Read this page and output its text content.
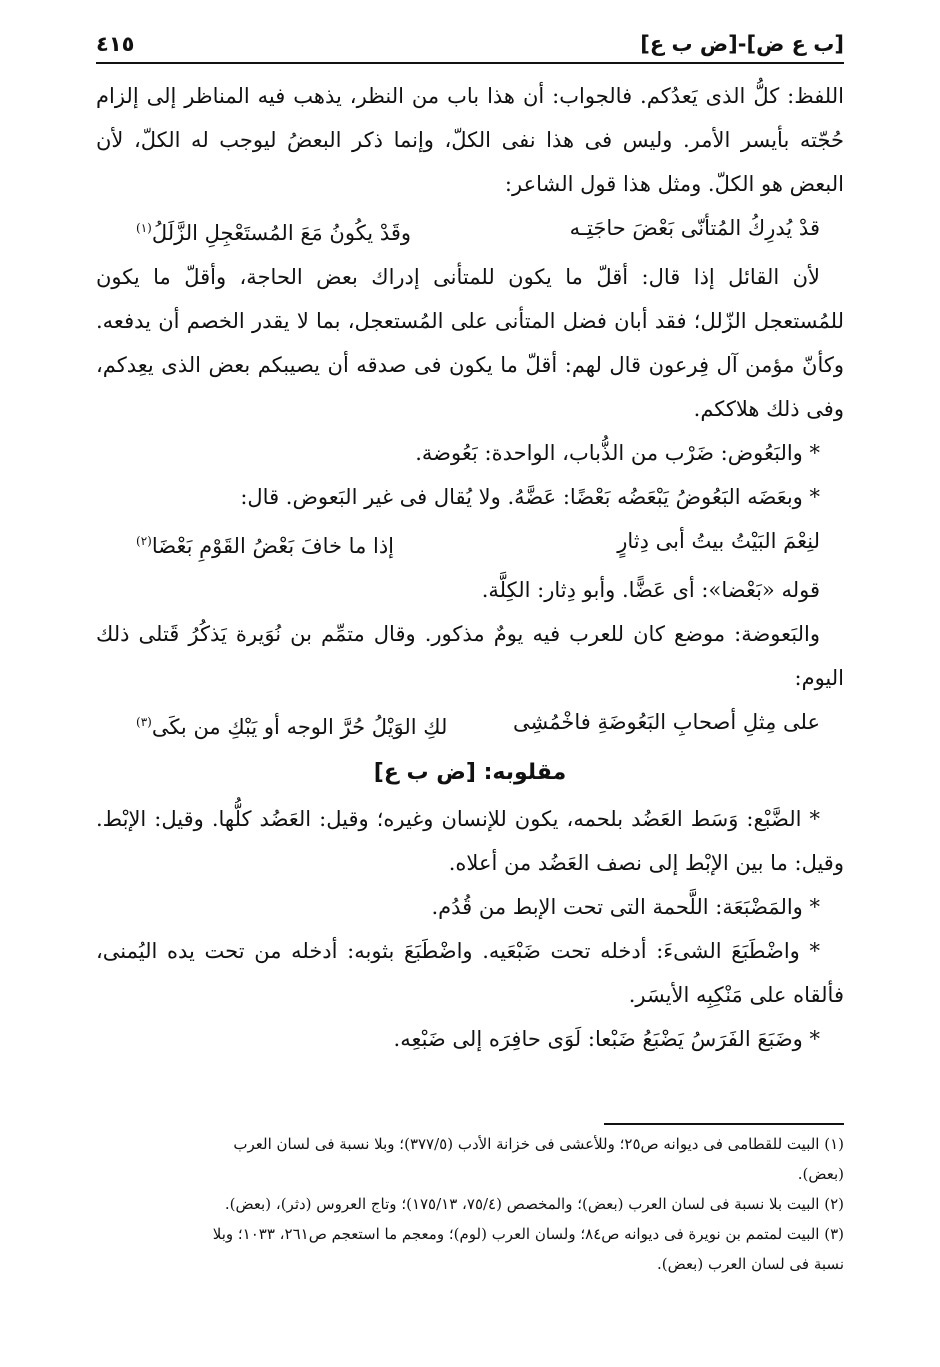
[ب ع ض]-[ض ب ع]
٤١٥

اللفظ: كلُّ الذى يَعدُكم. فالجواب: أن هذا باب من النظر، يذهب فيه المناظر إلى إلزام حُجّته بأيسر الأمر. وليس فى هذا نفى الكلّ، وإنما ذكر البعضُ ليوجب له الكلّ، لأن البعض هو الكلّ. ومثل هذا قول الشاعر:

قدْ يُدرِكُ المُتأنّى بَعْضَ حاجَتِـه
وقَدْ يكُونُ مَعَ المُستَعْجِلِ الزَّلَلُ$^{(١)}$

لأن القائل إذا قال: أقلّ ما يكون للمتأنى إدراك بعض الحاجة، وأقلّ ما يكون للمُستعجل الزّلل؛ فقد أبان فضل المتأنى على المُستعجل، بما لا يقدر الخصم أن يدفعه. وكأنّ مؤمن آل فِرعون قال لهم: أقلّ ما يكون فى صدقه أن يصيبكم بعض الذى يعِدكم، وفى ذلك هلاككم.

* والبَعُوض: ضَرْب من الذُّباب، الواحدة: بَعُوضة.

* وبعَضَه البَعُوضُ يَبْعَضُه بَعْضًا: عَضَّهُ. ولا يُقال فى غير البَعوض. قال:

لنِعْمَ البَيْتُ بيتُ أبى دِثارٍ
إذا ما خافَ بَعْضُ القَوْمِ بَعْضَا$^{(٢)}$

قوله «بَعْضا»: أى عَضًّا. وأبو دِثار: الكِلَّة.

والبَعوضة: موضع كان للعرب فيه يومٌ مذكور. وقال متمِّم بن نُوَيرة يَذكُرُ قَتلى ذلك اليوم:

على مِثلِ أصحابِ البَعُوضَةِ فاخْمُشِى
لكِ الوَيْلُ حُرَّ الوجه أو يَبْكِ من بكَى$^{(٣)}$

مقلوبه: [ض ب ع]

* الضَّبْع: وَسَط العَضُد بلحمه، يكون للإنسان وغيره؛ وقيل: العَضُد كلُّها. وقيل: الإبْط. وقيل: ما بين الإبْط إلى نصف العَضُد من أعلاه.

* والمَضْبَعَة: اللَّحمة التى تحت الإبط من قُدُم.

* واضْطَبَعَ الشىءَ: أدخله تحت ضَبْعَيه. واضْطَبَعَ بثوبه: أدخله من تحت يده اليُمنى، فألقاه على مَنْكِبِه الأيسَر.

* وضَبَعَ الفَرَسُ يَضْبَعُ ضَبْعا: لَوَى حافِرَه إلى ضَبْعِه.

(١) البيت للقطامى فى ديوانه ص٢٥؛ وللأعشى فى خزانة الأدب (٣٧٧/٥)؛ وبلا نسبة فى لسان العرب

(بعض).

(٢) البيت بلا نسبة فى لسان العرب (بعض)؛ والمخصص (٧٥/٤، ١٧٥/١٣)؛ وتاج العروس (دثر)، (بعض).

(٣) البيت لمتمم بن نويرة فى ديوانه ص٨٤؛ ولسان العرب (لوم)؛ ومعجم ما استعجم ص٢٦١، ١٠٣٣؛ وبلا

نسبة فى لسان العرب (بعض).
